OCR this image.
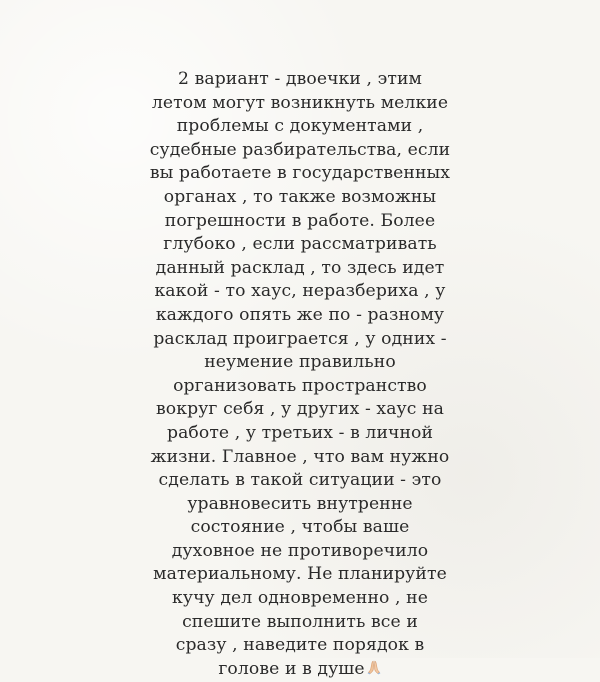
2 вариант - двоечки , этим
летом могут возникнуть мелкие
проблемы с документами ,
судебные разбирательства, если
вы работаете в государственных
органах , то также возможны
погрешности в работе. Более
глубоко , если рассматривать
данный расклад , то здесь идет
какой - то хаус, неразбериха , у
каждого опять же по - разному
расклад проиграется , у одних -
неумение правильно
организовать пространство
вокруг себя , у других - хаус на
работе , у третьих - в личной
жизни. Главное , что вам нужно
сделать в такой ситуации - это
уравновесить внутренне
состояние , чтобы ваше
духовное не противоречило
материальному. Не планируйте
кучу дел одновременно , не
спешите выполнить все и
сразу , наведите порядок в
голове и в душе
